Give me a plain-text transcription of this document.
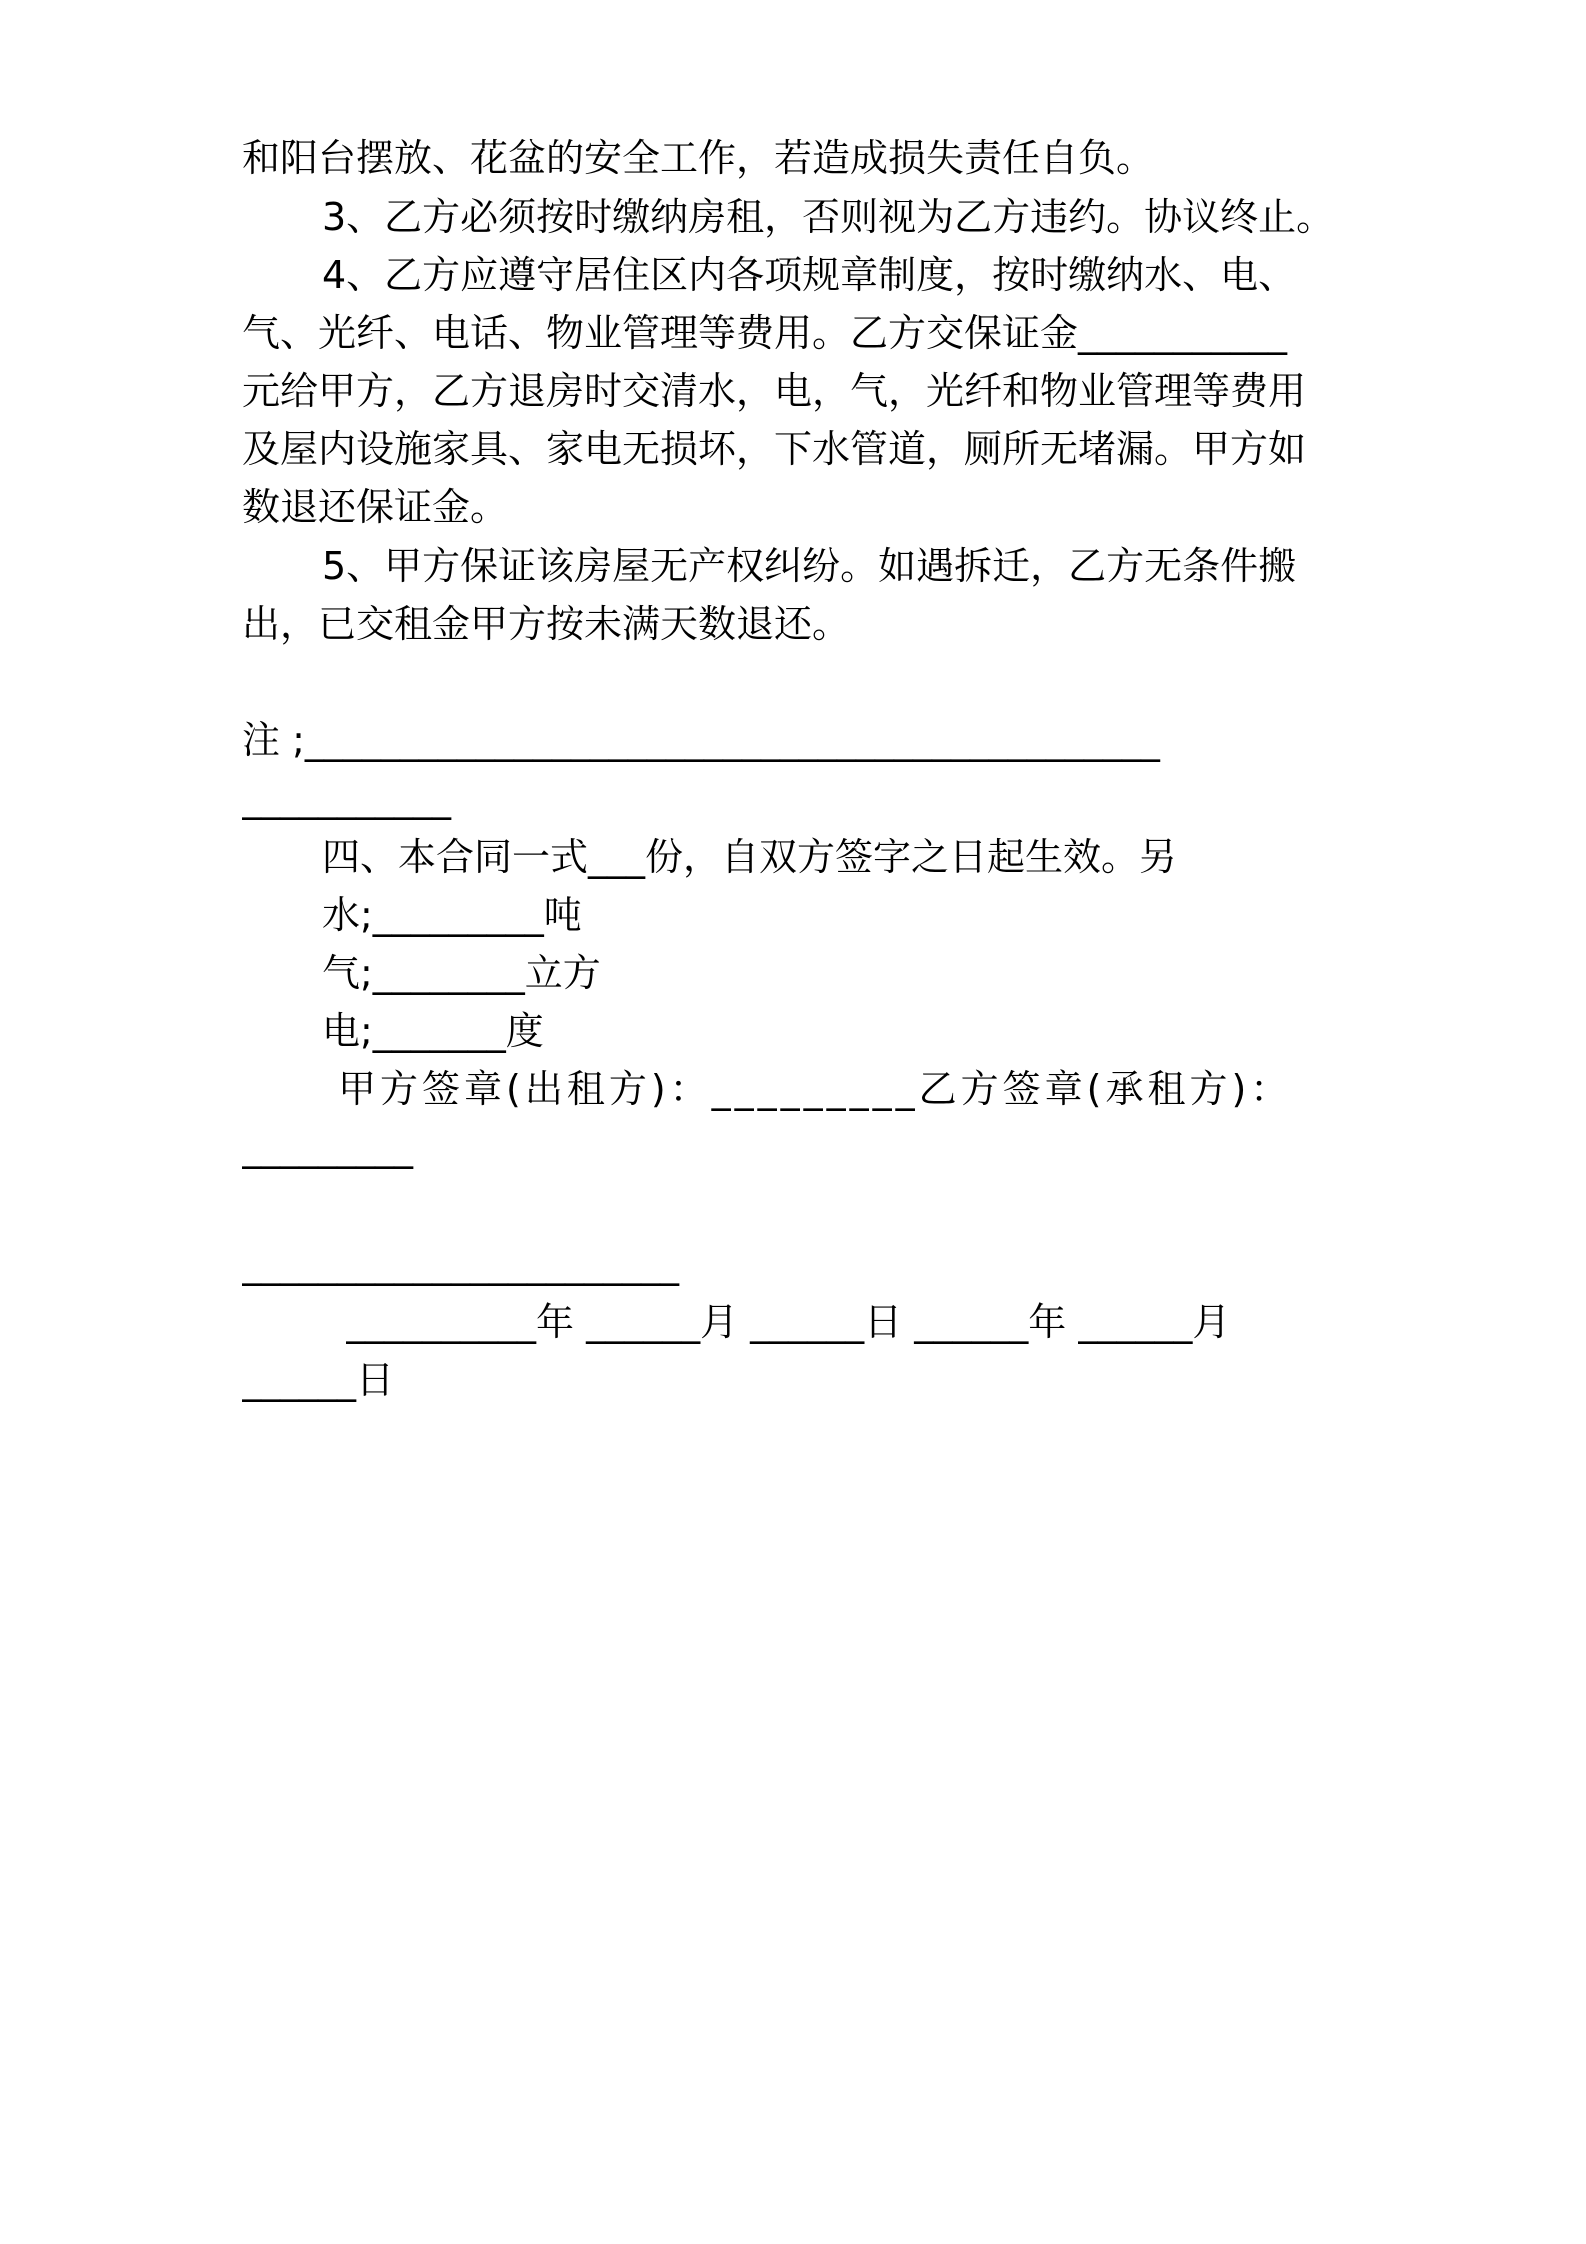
和阳台摆放、花盆的安全工作，若造成损失责任自负。
3、乙方必须按时缴纳房租，否则视为乙方违约。协议终止。
4、乙方应遵守居住区内各项规章制度，按时缴纳水、电、
气、光纤、电话、物业管理等费用。乙方交保证金___________
元给甲方，乙方退房时交清水，电，气，光纤和物业管理等费用
及屋内设施家具、家电无损坏，下水管道，厕所无堵漏。甲方如
数退还保证金。
5、甲方保证该房屋无产权纠纷。如遇拆迁，乙方无条件搬
出，已交租金甲方按未满天数退还。
注 ;_____________________________________________
___________
四、本合同一式___份，自双方签字之日起生效。另
水;_________吨
气;________立方
电;_______度
甲方签章(出租方)：_________乙方签章(承租方)：
_________
_______________________
__________年 ______月 ______日 ______年 ______月
______日
